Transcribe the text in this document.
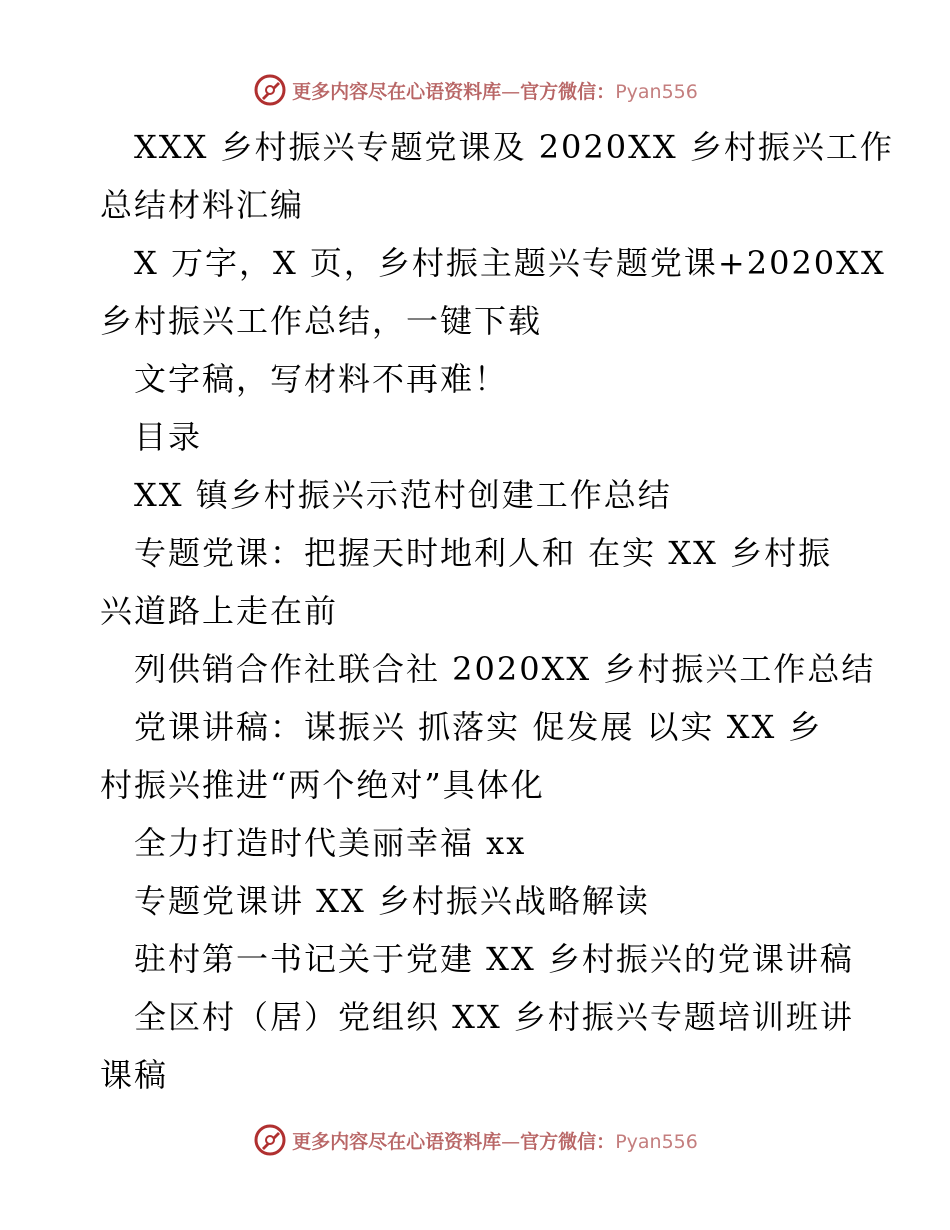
更多内容尽在心语资料库—官方微信：Pyan556
XXX 乡村振兴专题党课及 2020XX 乡村振兴工作
总结材料汇编
X 万字，X 页，乡村振主题兴专题党课+2020XX
乡村振兴工作总结，一键下载
文字稿，写材料不再难！
目录
XX 镇乡村振兴示范村创建工作总结
专题党课：把握天时地利人和 在实 XX 乡村振
兴道路上走在前
列供销合作社联合社 2020XX 乡村振兴工作总结
党课讲稿：谋振兴 抓落实 促发展 以实 XX 乡
村振兴推进“两个绝对”具体化
全力打造时代美丽幸福 xx
专题党课讲 XX 乡村振兴战略解读
驻村第一书记关于党建 XX 乡村振兴的党课讲稿
全区村（居）党组织 XX 乡村振兴专题培训班讲
课稿
更多内容尽在心语资料库—官方微信：Pyan556
